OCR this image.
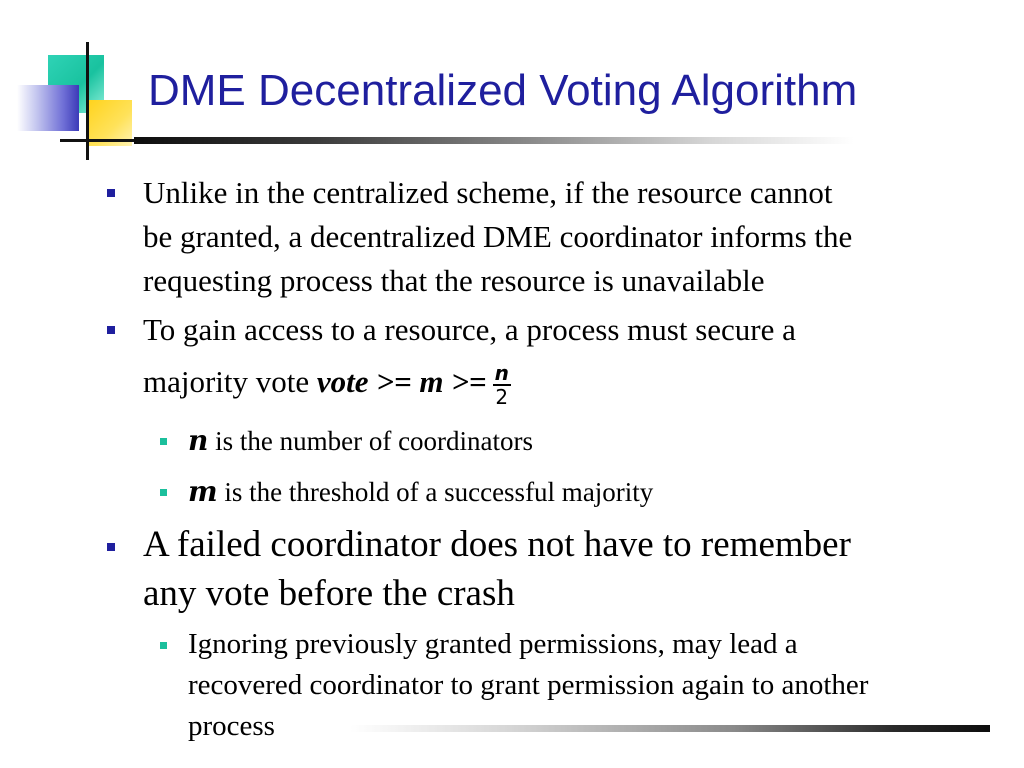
DME Decentralized Voting Algorithm
Unlike in the centralized scheme, if the resource cannot
be granted, a decentralized DME coordinator informs the
requesting process that the resource is unavailable
To gain access to a resource, a process must secure a
majority vote vote >= $m >= \frac{n}{2}$
n is the number of coordinators
m is the threshold of a successful majority
A failed coordinator does not have to remember
any vote before the crash
Ignoring previously granted permissions, may lead a
recovered coordinator to grant permission again to another
process
